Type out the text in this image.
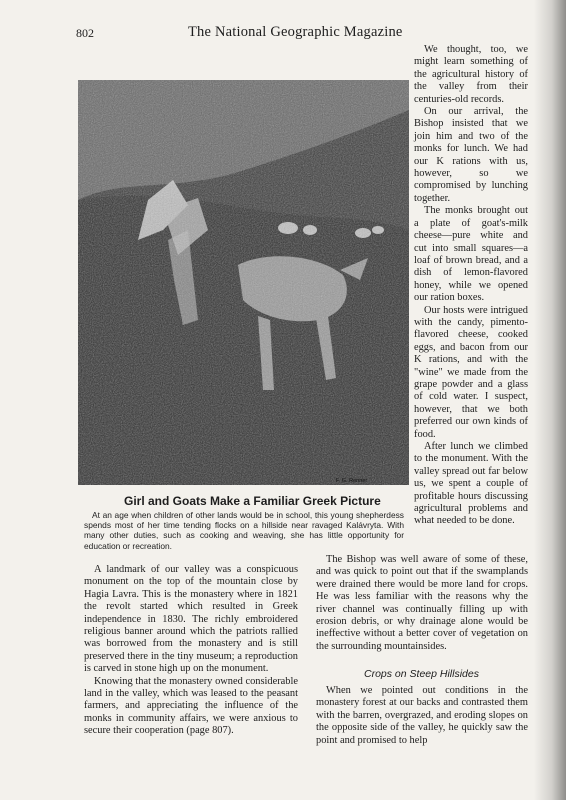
802	The National Geographic Magazine
F. G. Renner
Girl and Goats Make a Familiar Greek Picture
At an age when children of other lands would be in school, this young shepherdess spends most of her time tending flocks on a hillside near ravaged Kalávryta. With many other duties, such as cooking and weaving, she has little opportunity for education or recreation.

We thought, too, we might learn something of the agricultural history of the valley from their centuries-old records.

On our arrival, the Bishop insisted that we join him and two of the monks for lunch. We had our K rations with us, however, so we compromised by lunching together.

The monks brought out a plate of goat's-milk cheese—pure white and cut into small squares—a loaf of brown bread, and a dish of lemon-flavored honey, while we opened our ration boxes.

Our hosts were intrigued with the candy, pimento-flavored cheese, cooked eggs, and bacon from our K rations, and with the "wine" we made from the grape powder and a glass of cold water. I suspect, however, that we both preferred our own kinds of food.

After lunch we climbed to the monument. With the valley spread out far below us, we spent a couple of profitable hours discussing agricultural problems and what needed to be done.

The Bishop was well aware of some of these, and was quick to point out that if the swamplands were drained there would be more land for crops. He was less familiar with the reasons why the river channel was continually filling up with erosion debris, or why drainage alone would be ineffective without a better cover of vegetation on the surrounding mountainsides.

A landmark of our valley was a conspicuous monument on the top of the mountain close by Hagia Lavra. This is the monastery where in 1821 the revolt started which resulted in Greek independence in 1830. The richly embroidered religious banner around which the patriots rallied was borrowed from the monastery and is still preserved there in the tiny museum; a reproduction is carved in stone high up on the monument.

Knowing that the monastery owned considerable land in the valley, which was leased to the peasant farmers, and appreciating the influence of the monks in community affairs, we were anxious to secure their cooperation (page 807).

Crops on Steep Hillsides

When we pointed out conditions in the monastery forest at our backs and contrasted them with the barren, overgrazed, and eroding slopes on the opposite side of the valley, he quickly saw the point and promised to help
